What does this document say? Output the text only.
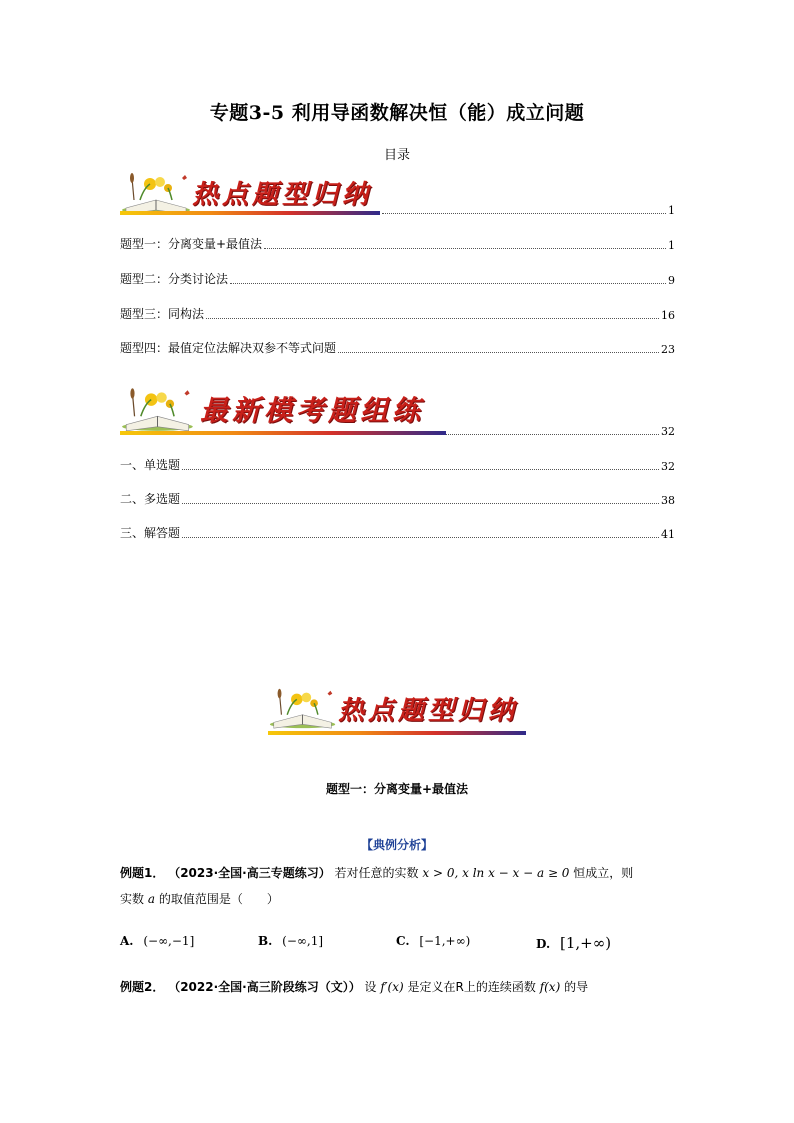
专题3-5 利用导函数解决恒（能）成立问题
目录
热点题型归纳
1
题型一：分离变量+最值法	1
题型二：分类讨论法	9
题型三：同构法	16
题型四：最值定位法解决双参不等式问题	23
最新模考题组练
32
一、单选题	32
二、多选题	38
三、解答题	41
热点题型归纳
题型一：分离变量+最值法
【典例分析】
例题1． （2023·全国·高三专题练习） 若对任意的实数 x > 0, x ln x − x − a ≥ 0 恒成立，则
实数 a 的取值范围是（　　）
A. (−∞,−1]	B. (−∞,1]	C. [−1,+∞)	D. [1,+∞)
例题2． （2022·全国·高三阶段练习（文）） 设 f′(x) 是定义在R上的连续函数 f(x) 的导
